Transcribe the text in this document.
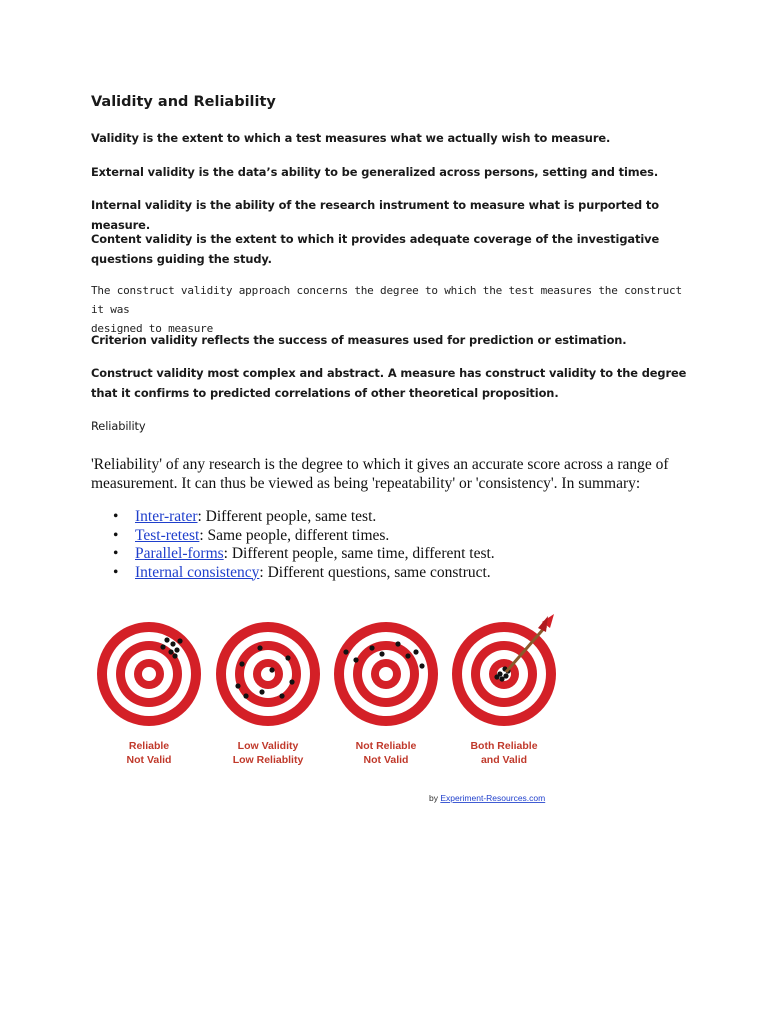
Validity and Reliability
Validity is the extent to which a test measures what we actually wish to measure.
External validity is the data’s ability to be generalized across persons, setting and times.
Internal validity is the ability of the research instrument to measure what is purported to measure.
Content validity is the extent to which it provides adequate coverage of the investigative questions guiding the study.
The construct validity approach concerns the degree to which the test measures the construct it was
designed to measure
Criterion validity reflects the success of measures used for prediction or estimation.
Construct validity most complex and abstract. A measure has construct validity to the degree that it confirms to predicted correlations of other theoretical proposition.
Reliability
'Reliability' of any research is the degree to which it gives an accurate score across a range of measurement. It can thus be viewed as being 'repeatability' or 'consistency'. In summary:
• Inter-rater: Different people, same test.
• Test-retest: Same people, different times.
• Parallel-forms: Different people, same time, different test.
• Internal consistency: Different questions, same construct.
Reliable
Not Valid
Low Validity
Low Reliablity
Not Reliable
Not Valid
Both Reliable
and Valid
by Experiment-Resources.com
